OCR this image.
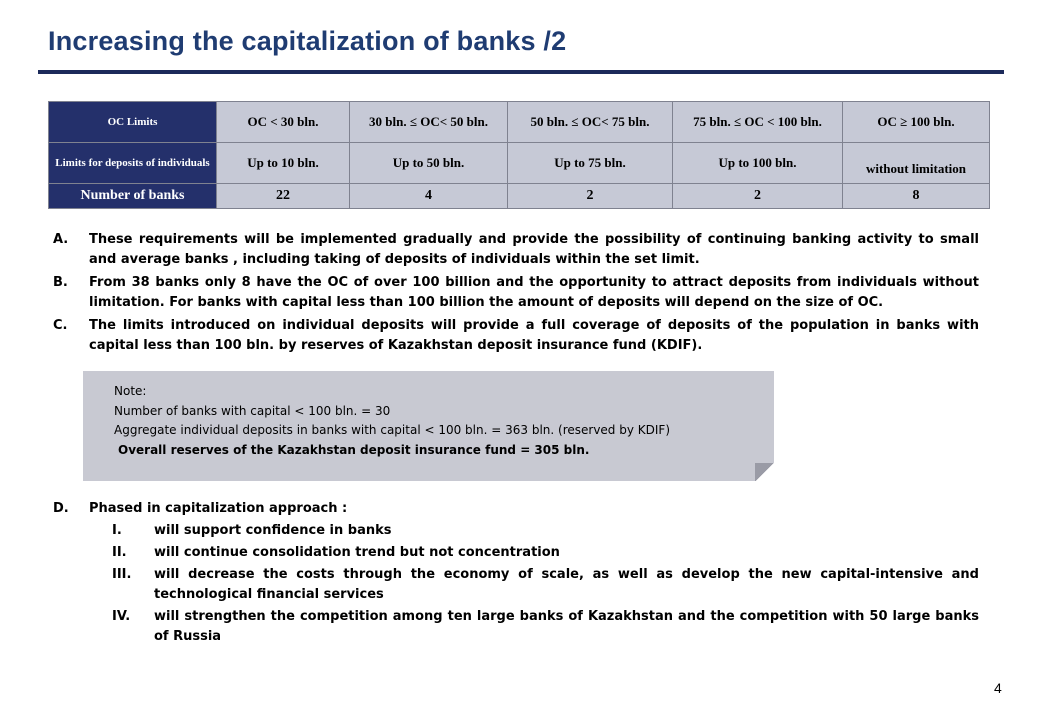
Increasing the capitalization of banks /2
OC Limits	OC < 30 bln.	30 bln. ≤ OC< 50 bln.	50 bln. ≤ OC< 75 bln.	75 bln. ≤ OC < 100 bln.	OC ≥ 100 bln.
Limits for deposits of individuals	Up to 10 bln.	Up to 50 bln.	Up to 75 bln.	Up to 100 bln.	without limitation
Number of banks	22	4	2	2	8
A. These requirements will be implemented gradually and provide the possibility of continuing banking activity to small and average banks , including taking of deposits of individuals within the set limit.
B. From 38 banks only 8 have the OC of over 100 billion and the opportunity to attract deposits from individuals without limitation. For banks with capital less than 100 billion the amount of deposits will depend on the size of OC.
C. The limits introduced on individual deposits will provide a full coverage of deposits of the population in banks with capital less than 100 bln. by reserves of Kazakhstan deposit insurance fund (KDIF).
Note:
Number of banks with capital < 100 bln. = 30
Aggregate individual deposits in banks with capital < 100 bln. = 363 bln. (reserved by KDIF)
Overall reserves of the Kazakhstan deposit insurance fund = 305 bln.
D. Phased in capitalization approach :
I.	will support confidence in banks
II.	will continue consolidation trend but not concentration
III.	will decrease the costs through the economy of scale, as well as develop the new capital-intensive and technological financial services
IV.	will strengthen the competition among ten large banks of Kazakhstan and the competition with 50 large banks of Russia
4
